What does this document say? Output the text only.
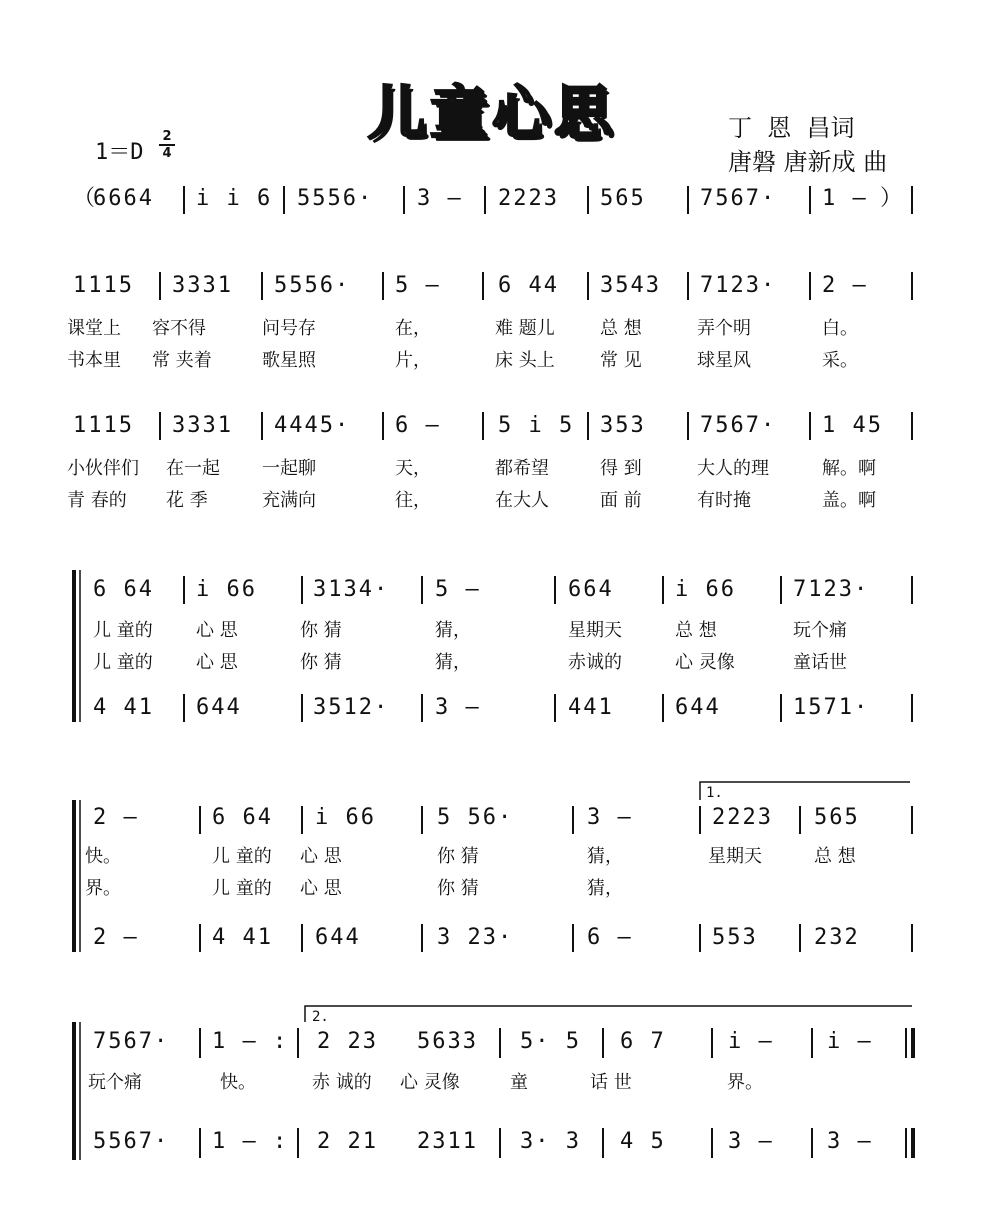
儿童心思	丁  恩  昌词
唐磐 唐新成 曲
1＝D
2
4
（
6664 i i 6 5556· 3 – 2223 565 7567· 1 – ）
1115 3331 5556· 5 –	6 44 3543 7123· 2 –
课堂上 容不得	问号存	在，	难 题儿	总 想	弄个明	白。
书本里 常 夹着	歌星照	片，	床 头上	常 见	球星风	采。
1115 3331 4445· 6 –	5 i 5 353 7567· 1 45
小伙伴们 在一起 一起聊	天，	都希望	得 到	大人的理	解。啊
青 春的 花 季	充满向	往，	在大人	面 前	有时掩	盖。啊
6 64 i 66	3134· 5 –	664	i 66	7123·
儿 童的 心 思	你 猜	猜，	星期天	总 想	玩个痛
儿 童的 心 思	你 猜	猜，	赤诚的	心 灵像	童话世
4 41 644	3512· 3 –	441	644	1571·
1.
2 –	6 64 i 66	5 56·	3 –	2223 565
快。	儿 童的 心 思	你 猜	猜，	星期天	总 想
界。	儿 童的 心 思	你 猜	猜，
2 –	4 41 644	3 23·	6 –	553	232
2.
7567· 1 – : 2 23 5633 5· 5 6 7	i – i –
玩个痛	快。	赤 诚的 心 灵像	童	话 世	界。
5567· 1 – : 2 21 2311 3· 3 4 5	3 – 3 –
